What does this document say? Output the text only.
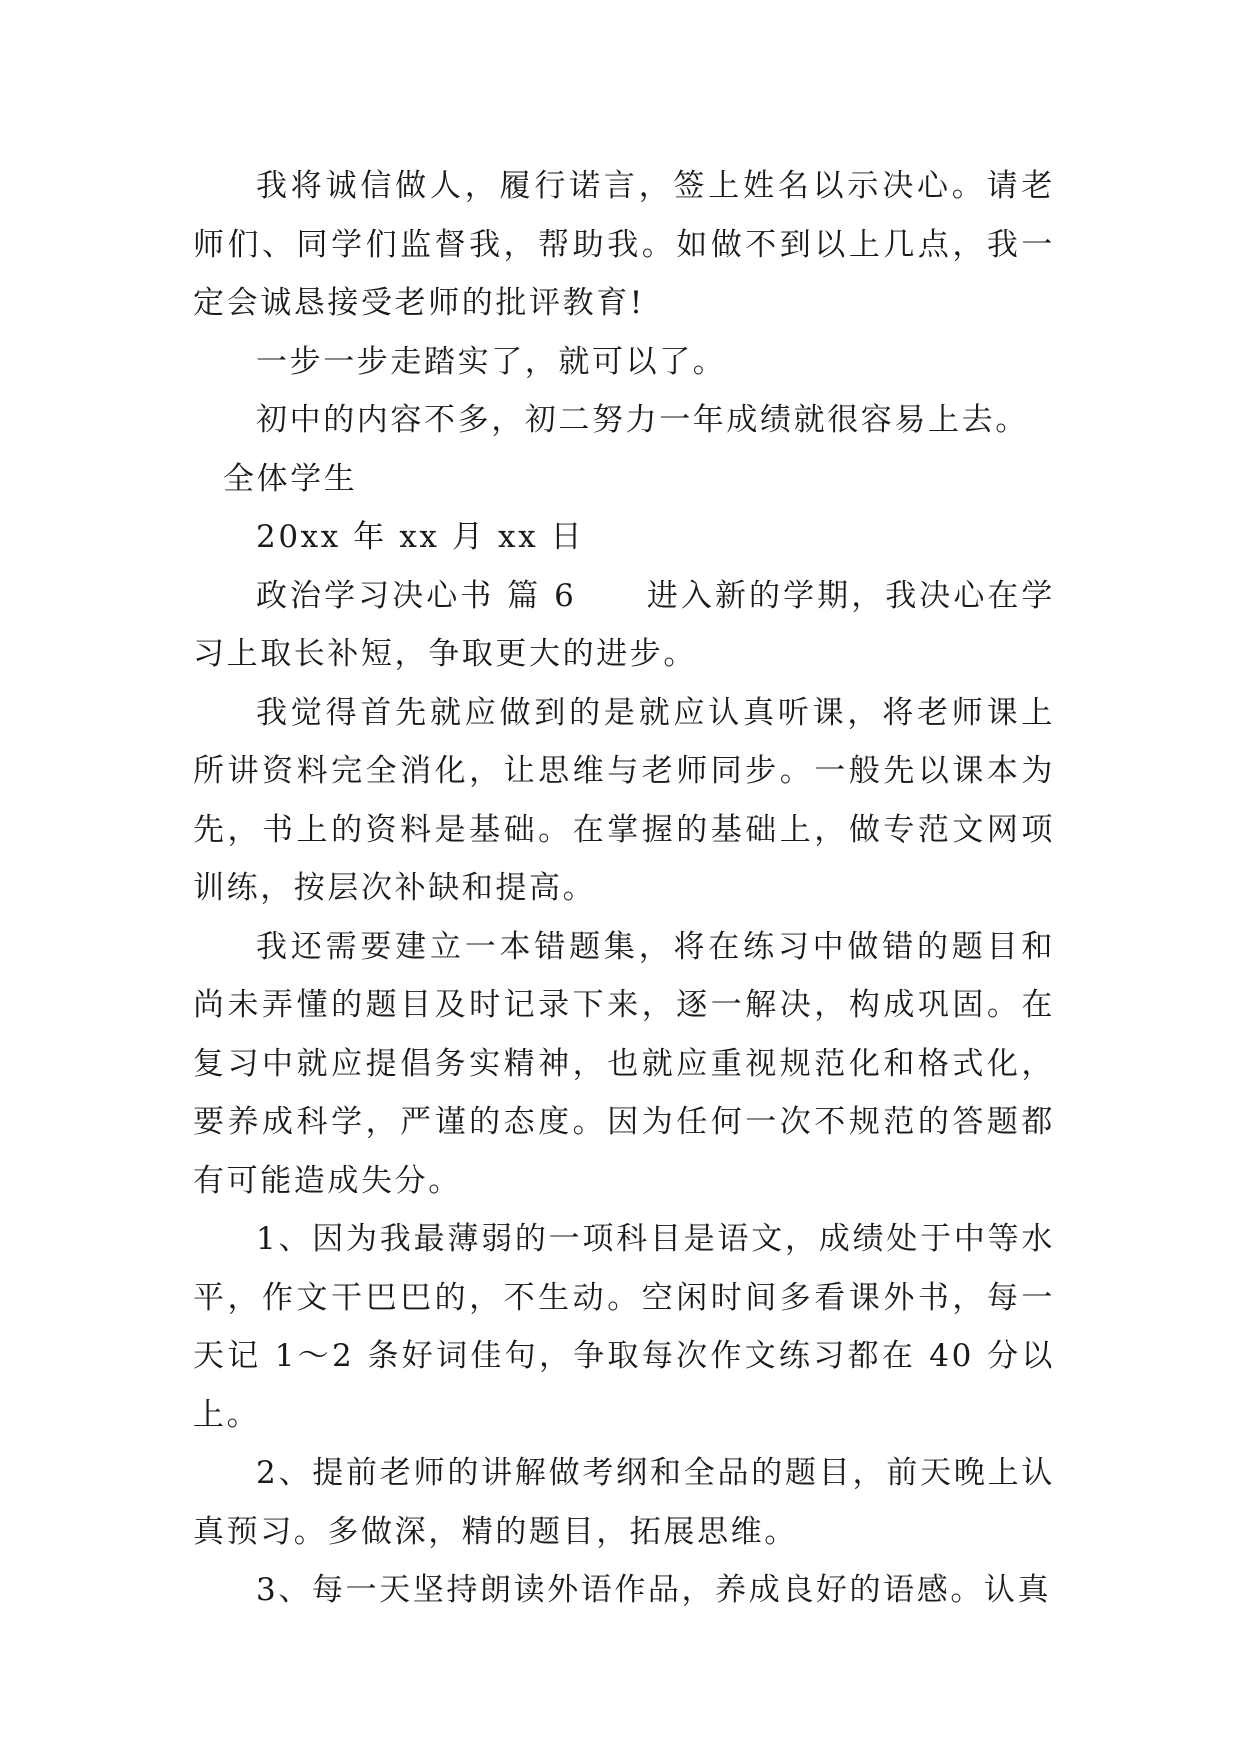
我将诚信做人，履行诺言，签上姓名以示决心。请老师们、同学们监督我，帮助我。如做不到以上几点，我一定会诚恳接受老师的批评教育!

一步一步走踏实了，就可以了。

初中的内容不多，初二努力一年成绩就很容易上去。

全体学生

20xx 年 xx 月 xx 日

政治学习决心书 篇 6 进入新的学期，我决心在学习上取长补短，争取更大的进步。

我觉得首先就应做到的是就应认真听课，将老师课上所讲资料完全消化，让思维与老师同步。一般先以课本为先，书上的资料是基础。在掌握的基础上，做专范文网项训练，按层次补缺和提高。

我还需要建立一本错题集，将在练习中做错的题目和尚未弄懂的题目及时记录下来，逐一解决，构成巩固。在复习中就应提倡务实精神，也就应重视规范化和格式化，要养成科学，严谨的态度。因为任何一次不规范的答题都有可能造成失分。

1、因为我最薄弱的一项科目是语文，成绩处于中等水平，作文干巴巴的，不生动。空闲时间多看课外书，每一天记 1～2 条好词佳句，争取每次作文练习都在 40 分以上。

2、提前老师的讲解做考纲和全品的题目，前天晚上认真预习。多做深，精的题目，拓展思维。

3、每一天坚持朗读外语作品，养成良好的语感。认真
